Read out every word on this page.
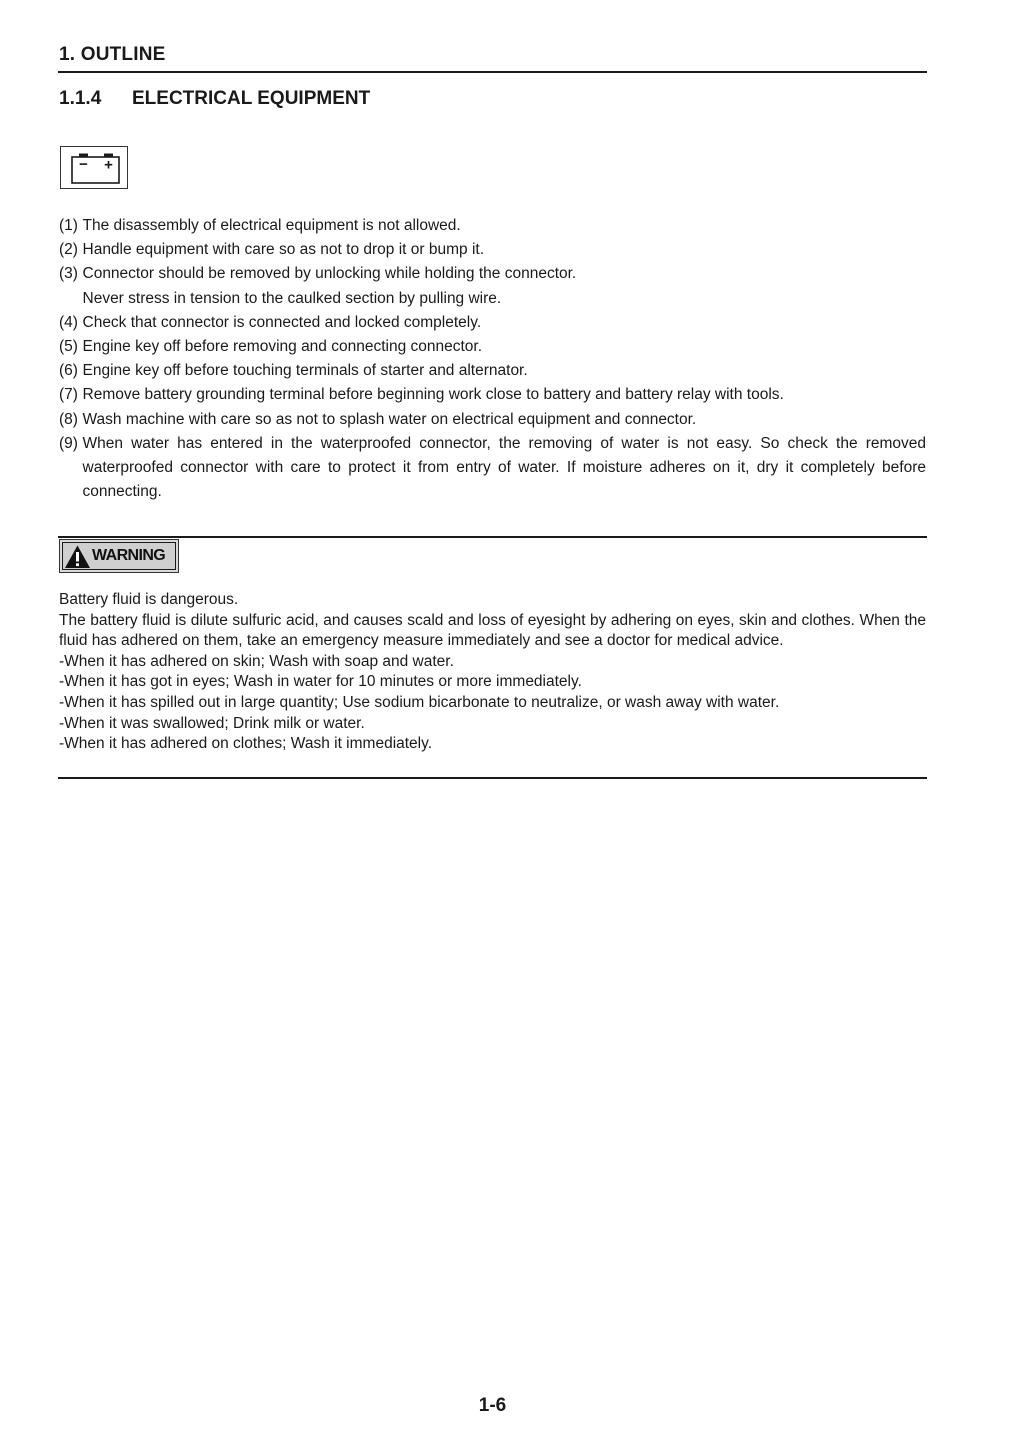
1. OUTLINE
1.1.4 ELECTRICAL EQUIPMENT
− +
(1) The disassembly of electrical equipment is not allowed.
(2) Handle equipment with care so as not to drop it or bump it.
(3) Connector should be removed by unlocking while holding the connector.
Never stress in tension to the caulked section by pulling wire.
(4) Check that connector is connected and locked completely.
(5) Engine key off before removing and connecting connector.
(6) Engine key off before touching terminals of starter and alternator.
(7) Remove battery grounding terminal before beginning work close to battery and battery relay with tools.
(8) Wash machine with care so as not to splash water on electrical equipment and connector.
(9) When water has entered in the waterproofed connector, the removing of water is not easy. So check the removed waterproofed connector with care to protect it from entry of water. If moisture adheres on it, dry it completely before connecting.
WARNING

Battery fluid is dangerous.

The battery fluid is dilute sulfuric acid, and causes scald and loss of eyesight by adhering on eyes, skin and clothes. When the fluid has adhered on them, take an emergency measure immediately and see a doctor for medical advice.

-When it has adhered on skin; Wash with soap and water.

-When it has got in eyes; Wash in water for 10 minutes or more immediately.

-When it has spilled out in large quantity; Use sodium bicarbonate to neutralize, or wash away with water.

-When it was swallowed; Drink milk or water.

-When it has adhered on clothes; Wash it immediately.

1-6
